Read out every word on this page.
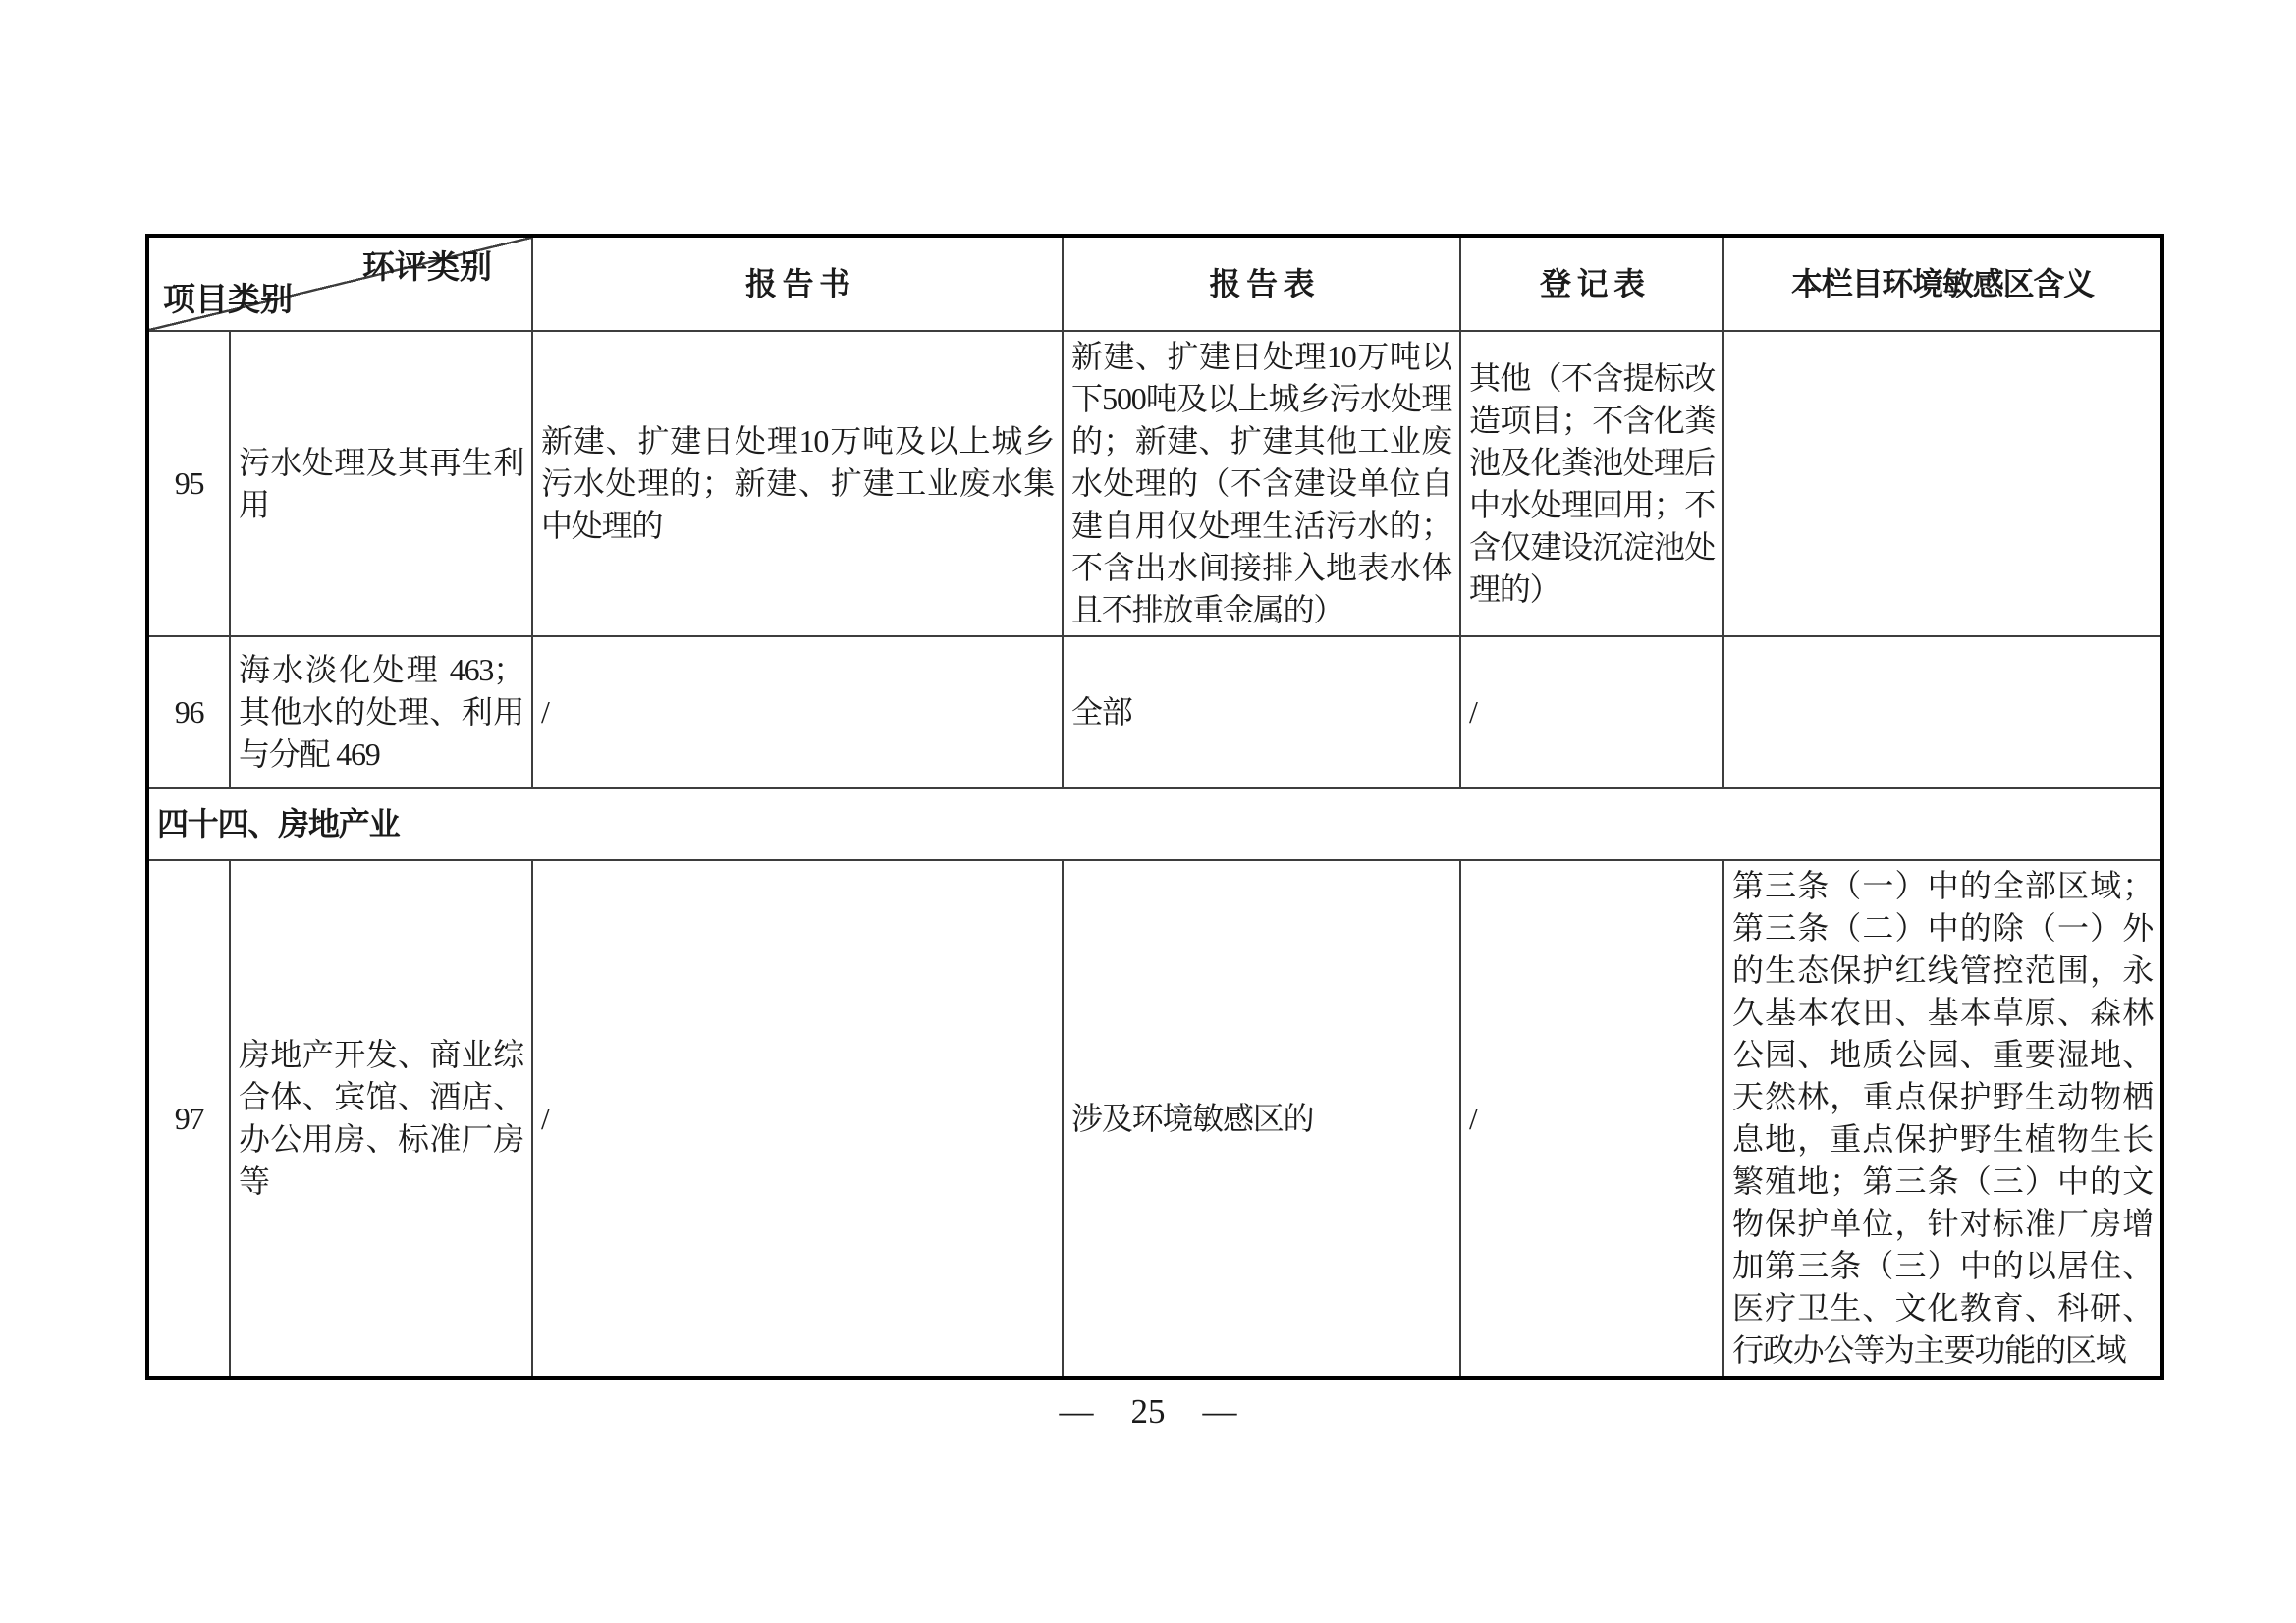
环评类别
项目类别		报 告 书	报 告 表	登 记 表	本栏目环境敏感区含义
95	污水处理及其再生利用	新建、扩建日处理10万吨及以上城乡污水处理的；新建、扩建工业废水集中处理的	新建、扩建日处理10万吨以下500吨及以上城乡污水处理的；新建、扩建其他工业废水处理的（不含建设单位自建自用仅处理生活污水的；不含出水间接排入地表水体且不排放重金属的）	其他（不含提标改造项目；不含化粪池及化粪池处理后中水处理回用；不含仅建设沉淀池处理的）	
96	海水淡化处理 463；其他水的处理、利用与分配 469	/	全部	/	
四十四、房地产业					
97	房地产开发、商业综合体、宾馆、酒店、办公用房、标准厂房等	/	涉及环境敏感区的	/	第三条（一）中的全部区域；第三条（二）中的除（一）外的生态保护红线管控范围，永久基本农田、基本草原、森林公园、地质公园、重要湿地、天然林，重点保护野生动物栖息地，重点保护野生植物生长繁殖地；第三条（三）中的文物保护单位，针对标准厂房增加第三条（三）中的以居住、医疗卫生、文化教育、科研、行政办公等为主要功能的区域
— 25 —
